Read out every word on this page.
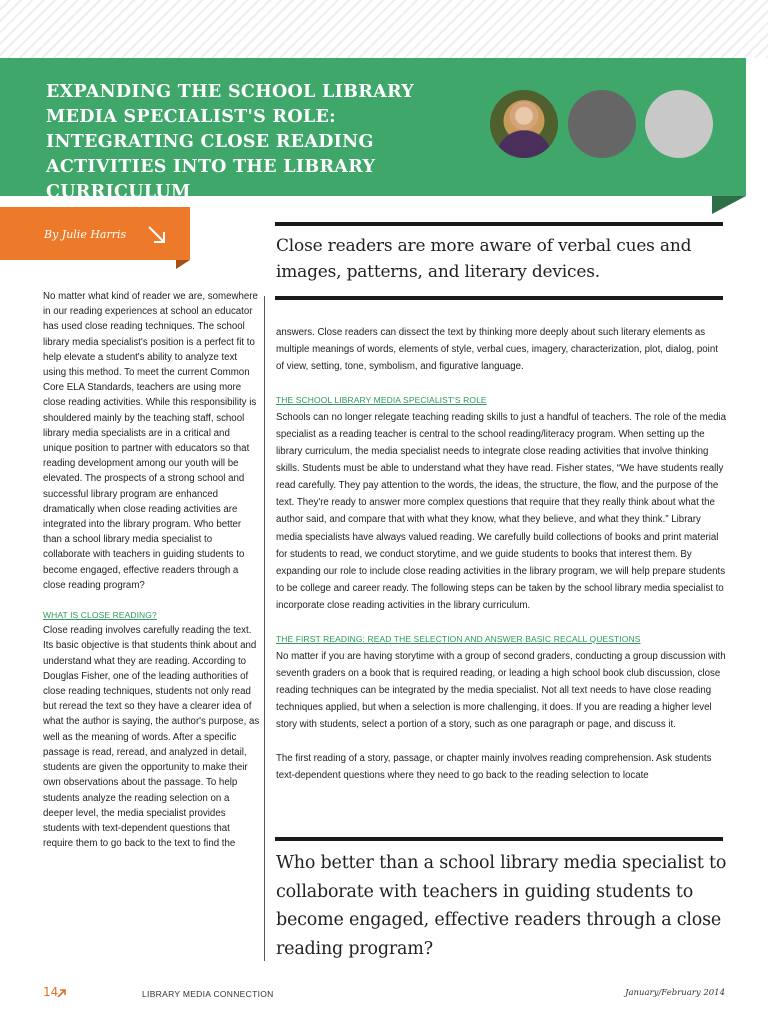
EXPANDING THE SCHOOL LIBRARY MEDIA SPECIALIST'S ROLE: INTEGRATING CLOSE READING ACTIVITIES INTO THE LIBRARY CURRICULUM
By Julie Harris

Close readers are more aware of verbal cues and images, patterns, and literary devices.

No matter what kind of reader we are, somewhere in our reading experiences at school an educator has used close reading techniques. The school library media specialist's position is a perfect fit to help elevate a student's ability to analyze text using this method. To meet the current Common Core ELA Standards, teachers are using more close reading activities. While this responsibility is shouldered mainly by the teaching staff, school library media specialists are in a critical and unique position to partner with educators so that reading development among our youth will be elevated. The prospects of a strong school and successful library program are enhanced dramatically when close reading activities are integrated into the library program. Who better than a school library media specialist to collaborate with teachers in guiding students to become engaged, effective readers through a close reading program?

WHAT IS CLOSE READING?

Close reading involves carefully reading the text. Its basic objective is that students think about and understand what they are reading. According to Douglas Fisher, one of the leading authorities of close reading techniques, students not only read but reread the text so they have a clearer idea of what the author is saying, the author's purpose, as well as the meaning of words. After a specific passage is read, reread, and analyzed in detail, students are given the opportunity to make their own observations about the passage. To help students analyze the reading selection on a deeper level, the media specialist provides students with text-dependent questions that require them to go back to the text to find the

answers. Close readers can dissect the text by thinking more deeply about such literary elements as multiple meanings of words, elements of style, verbal cues, imagery, characterization, plot, dialog, point of view, setting, tone, symbolism, and figurative language.

THE SCHOOL LIBRARY MEDIA SPECIALIST'S ROLE

Schools can no longer relegate teaching reading skills to just a handful of teachers. The role of the media specialist as a reading teacher is central to the school reading/literacy program. When setting up the library curriculum, the media specialist needs to integrate close reading activities that involve thinking skills. Students must be able to understand what they have read. Fisher states, “We have students really read carefully. They pay attention to the words, the ideas, the structure, the flow, and the purpose of the text. They're ready to answer more complex questions that require that they really think about what the author said, and compare that with what they know, what they believe, and what they think.” Library media specialists have always valued reading. We carefully build collections of books and print material for students to read, we conduct storytime, and we guide students to books that interest them. By expanding our role to include close reading activities in the library program, we will help prepare students to be college and career ready. The following steps can be taken by the school library media specialist to incorporate close reading activities in the library curriculum.

THE FIRST READING: READ THE SELECTION AND ANSWER BASIC RECALL QUESTIONS

No matter if you are having storytime with a group of second graders, conducting a group discussion with seventh graders on a book that is required reading, or leading a high school book club discussion, close reading techniques can be integrated by the media specialist. Not all text needs to have close reading techniques applied, but when a selection is more challenging, it does. If you are reading a higher level story with students, select a portion of a story, such as one paragraph or page, and discuss it.

The first reading of a story, passage, or chapter mainly involves reading comprehension. Ask students text-dependent questions where they need to go back to the reading selection to locate

Who better than a school library media specialist to collaborate with teachers in guiding students to become engaged, effective readers through a close reading program?

14	LIBRARY MEDIA CONNECTION	January/February 2014
